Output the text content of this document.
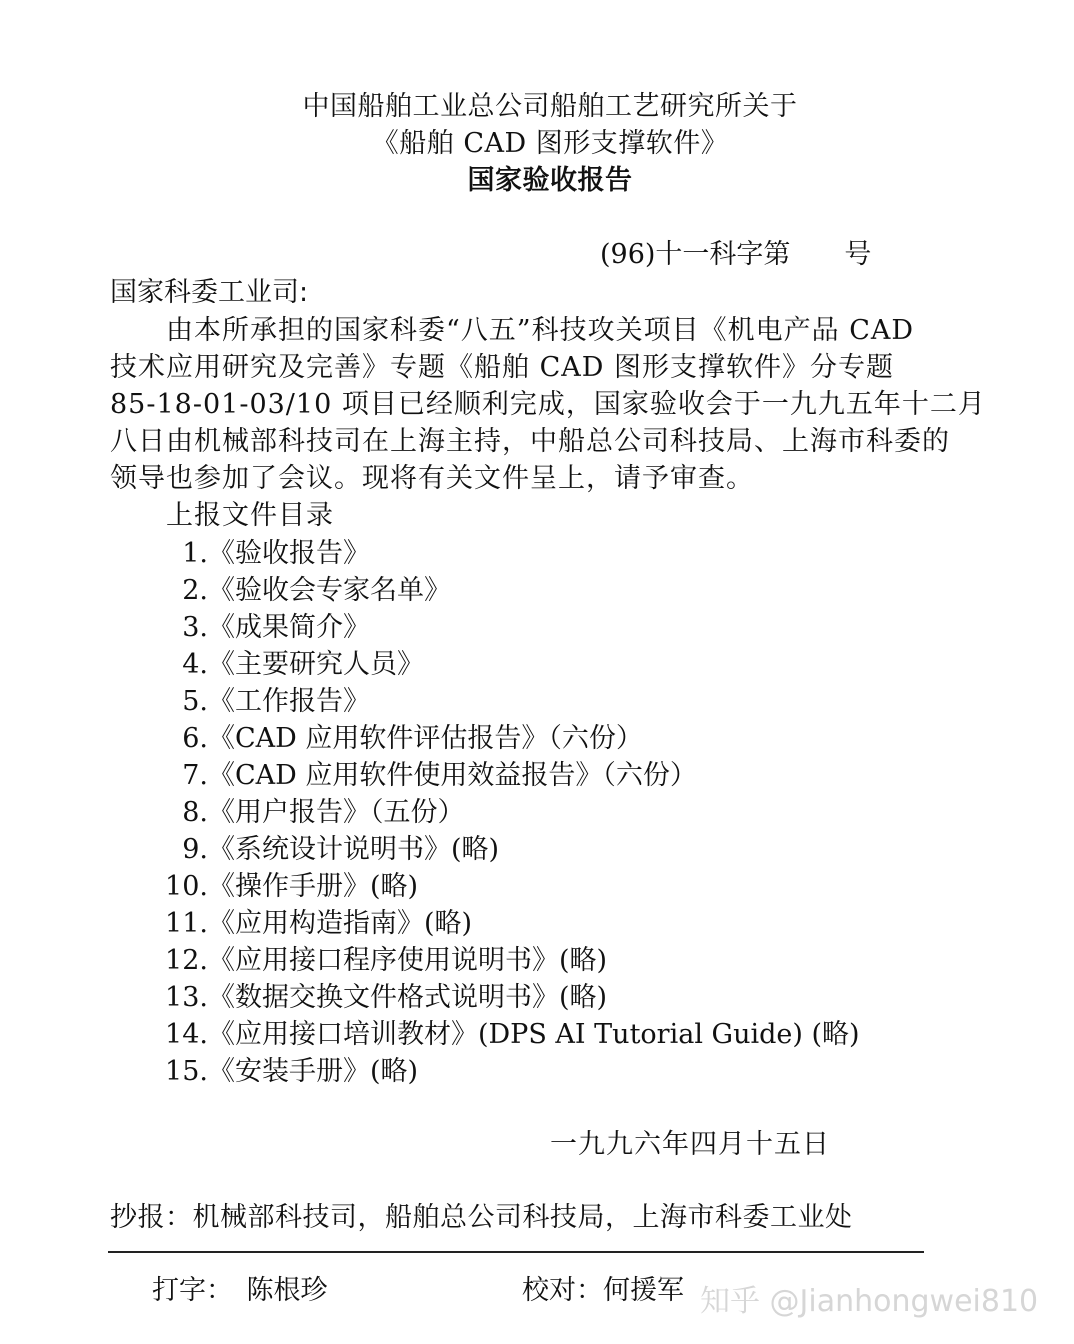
中国船舶工业总公司船舶工艺研究所关于
《船舶 CAD 图形支撑软件》
国家验收报告
(96)十一科字第　　号
国家科委工业司:
　　由本所承担的国家科委“八五”科技攻关项目《机电产品 CAD
技术应用研究及完善》专题《船舶 CAD 图形支撑软件》分专题
85-18-01-03/10 项目已经顺利完成，国家验收会于一九九五年十二月
八日由机械部科技司在上海主持，中船总公司科技局、上海市科委的
领导也参加了会议。现将有关文件呈上，请予审查。
　　上报文件目录
1.《验收报告》
2.《验收会专家名单》
3.《成果简介》
4.《主要研究人员》
5.《工作报告》
6.《CAD 应用软件评估报告》（六份）
7.《CAD 应用软件使用效益报告》（六份）
8.《用户报告》（五份）
9.《系统设计说明书》(略)
10.《操作手册》(略)
11.《应用构造指南》(略)
12.《应用接口程序使用说明书》(略)
13.《数据交换文件格式说明书》(略)
14.《应用接口培训教材》(DPS AI Tutorial Guide) (略)
15.《安装手册》(略)
一九九六年四月十五日
抄报：机械部科技司，船舶总公司科技局，上海市科委工业处
打字：　陈根珍	校对：何援军 知乎 @Jianhongwei810
